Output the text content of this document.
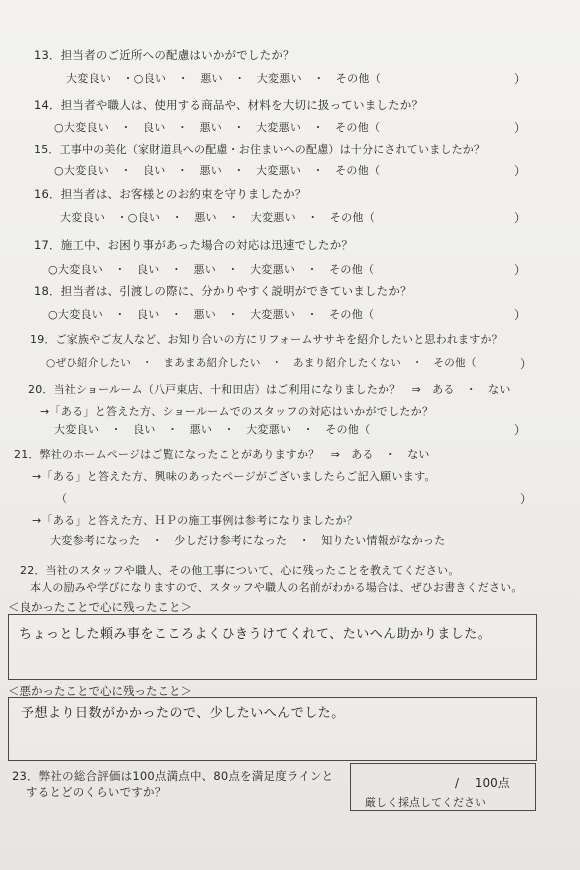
13．担当者のご近所への配慮はいかがでしたか？
大変良い　・○良い　・　悪い　・　大変悪い　・　その他（	）
14．担当者や職人は、使用する商品や、材料を大切に扱っていましたか？
○大変良い　・　良い　・　悪い　・　大変悪い　・　その他（	）
15．工事中の美化（家財道具への配慮・お住まいへの配慮）は十分にされていましたか？
○大変良い　・　良い　・　悪い　・　大変悪い　・　その他（	）
16．担当者は、お客様とのお約束を守りましたか？
大変良い　・○良い　・　悪い　・　大変悪い　・　その他（	）
17．施工中、お困り事があった場合の対応は迅速でしたか？
○大変良い　・　良い　・　悪い　・　大変悪い　・　その他（	）
18．担当者は、引渡しの際に、分かりやすく説明ができていましたか？
○大変良い　・　良い　・　悪い　・　大変悪い　・　その他（	）
19．ご家族やご友人など、お知り合いの方にリフォームササキを紹介したいと思われますか？
○ぜひ紹介したい　・　まあまあ紹介したい　・　あまり紹介したくない　・　その他（	）
20．当社ショールーム（八戸東店、十和田店）はご利用になりましたか？　⇒　ある　・　ない
→「ある」と答えた方、ショールームでのスタッフの対応はいかがでしたか？
大変良い　・　良い　・　悪い　・　大変悪い　・　その他（	）
21．弊社のホームページはご覧になったことがありますか？　⇒　ある　・　ない
→「ある」と答えた方、興味のあったページがございましたらご記入願います。
（	）
→「ある」と答えた方、ＨＰの施工事例は参考になりましたか？
大変参考になった　・　少しだけ参考になった　・　知りたい情報がなかった
22．当社のスタッフや職人、その他工事について、心に残ったことを教えてください。
本人の励みや学びになりますので、スタッフや職人の名前がわかる場合は、ぜひお書きください。
＜良かったことで心に残ったこと＞
ちょっとした頼み事をこころよくひきうけてくれて、たいへん助かりました。
＜悪かったことで心に残ったこと＞
予想より日数がかかったので、少したいへんでした。
23．弊社の総合評価は100点満点中、80点を満足度ラインと
するとどのくらいですか？
/　 100点
厳しく採点してください
